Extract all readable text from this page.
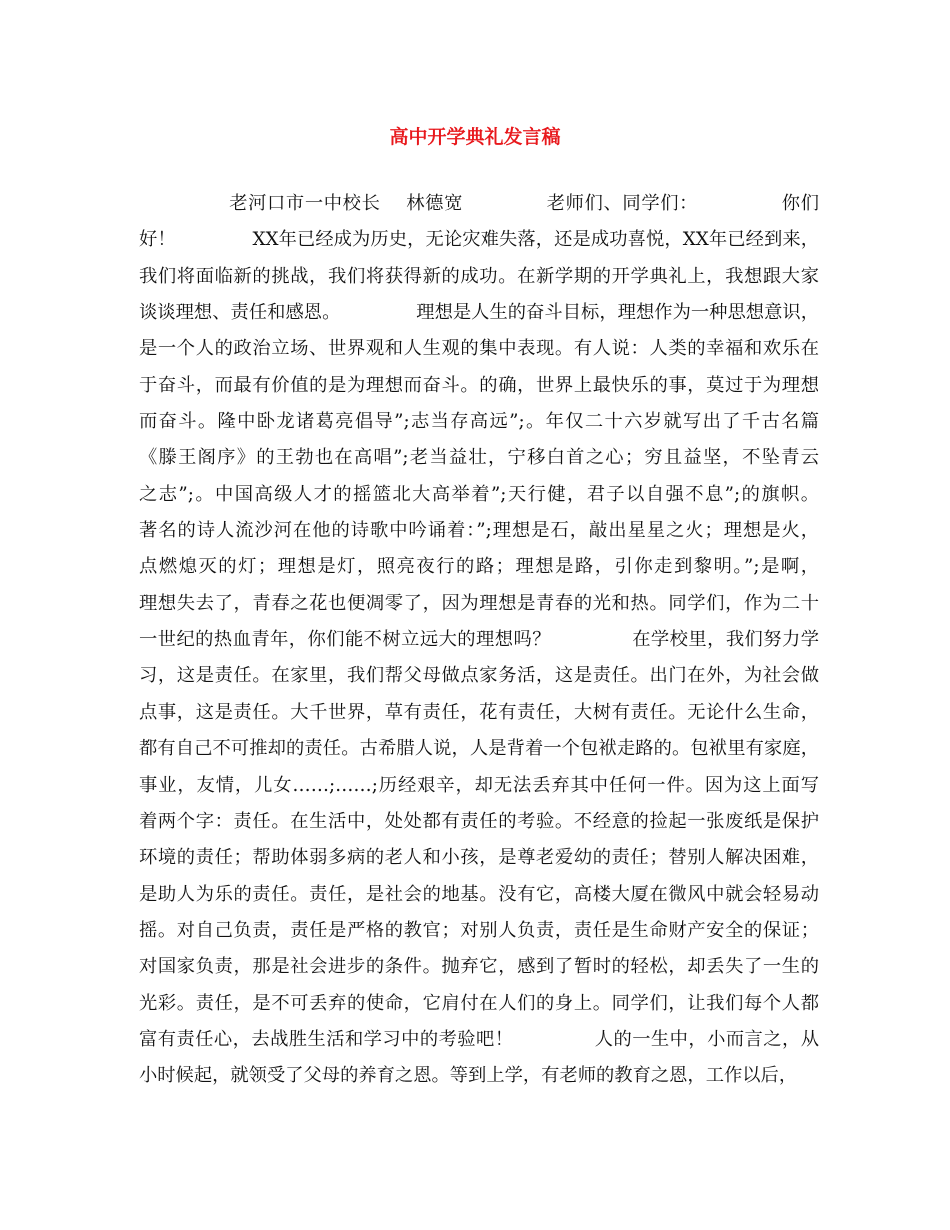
高中开学典礼发言稿
老河口市一中校长    林德宽             老师们、同学们：             你们
好！             XX年已经成为历史，无论灾难失落，还是成功喜悦，XX年已经到来，
我们将面临新的挑战，我们将获得新的成功。在新学期的开学典礼上，我想跟大家
谈谈理想、责任和感恩。             理想是人生的奋斗目标，理想作为一种思想意识，
是一个人的政治立场、世界观和人生观的集中表现。有人说：人类的幸福和欢乐在
于奋斗，而最有价值的是为理想而奋斗。的确，世界上最快乐的事，莫过于为理想
而奋斗。隆中卧龙诸葛亮倡导”;志当存高远”;。年仅二十六岁就写出了千古名篇
《滕王阁序》的王勃也在高唱”;老当益壮，宁移白首之心；穷且益坚，不坠青云
之志”;。中国高级人才的摇篮北大高举着”;天行健，君子以自强不息”;的旗帜。
著名的诗人流沙河在他的诗歌中吟诵着：”;理想是石，敲出星星之火；理想是火，
点燃熄灭的灯；理想是灯，照亮夜行的路；理想是路，引你走到黎明。”;是啊，
理想失去了，青春之花也便凋零了，因为理想是青春的光和热。同学们，作为二十
一世纪的热血青年，你们能不树立远大的理想吗？             在学校里，我们努力学
习，这是责任。在家里，我们帮父母做点家务活，这是责任。出门在外，为社会做
点事，这是责任。大千世界，草有责任，花有责任，大树有责任。无论什么生命，
都有自己不可推却的责任。古希腊人说，人是背着一个包袱走路的。包袱里有家庭，
事业，友情，儿女……;……;历经艰辛，却无法丢弃其中任何一件。因为这上面写
着两个字：责任。在生活中，处处都有责任的考验。不经意的捡起一张废纸是保护
环境的责任；帮助体弱多病的老人和小孩，是尊老爱幼的责任；替别人解决困难，
是助人为乐的责任。责任，是社会的地基。没有它，高楼大厦在微风中就会轻易动
摇。对自己负责，责任是严格的教官；对别人负责，责任是生命财产安全的保证；
对国家负责，那是社会进步的条件。抛弃它，感到了暂时的轻松，却丢失了一生的
光彩。责任，是不可丢弃的使命，它肩付在人们的身上。同学们，让我们每个人都
富有责任心，去战胜生活和学习中的考验吧！             人的一生中，小而言之，从
小时候起，就领受了父母的养育之恩。等到上学，有老师的教育之恩，工作以后，
